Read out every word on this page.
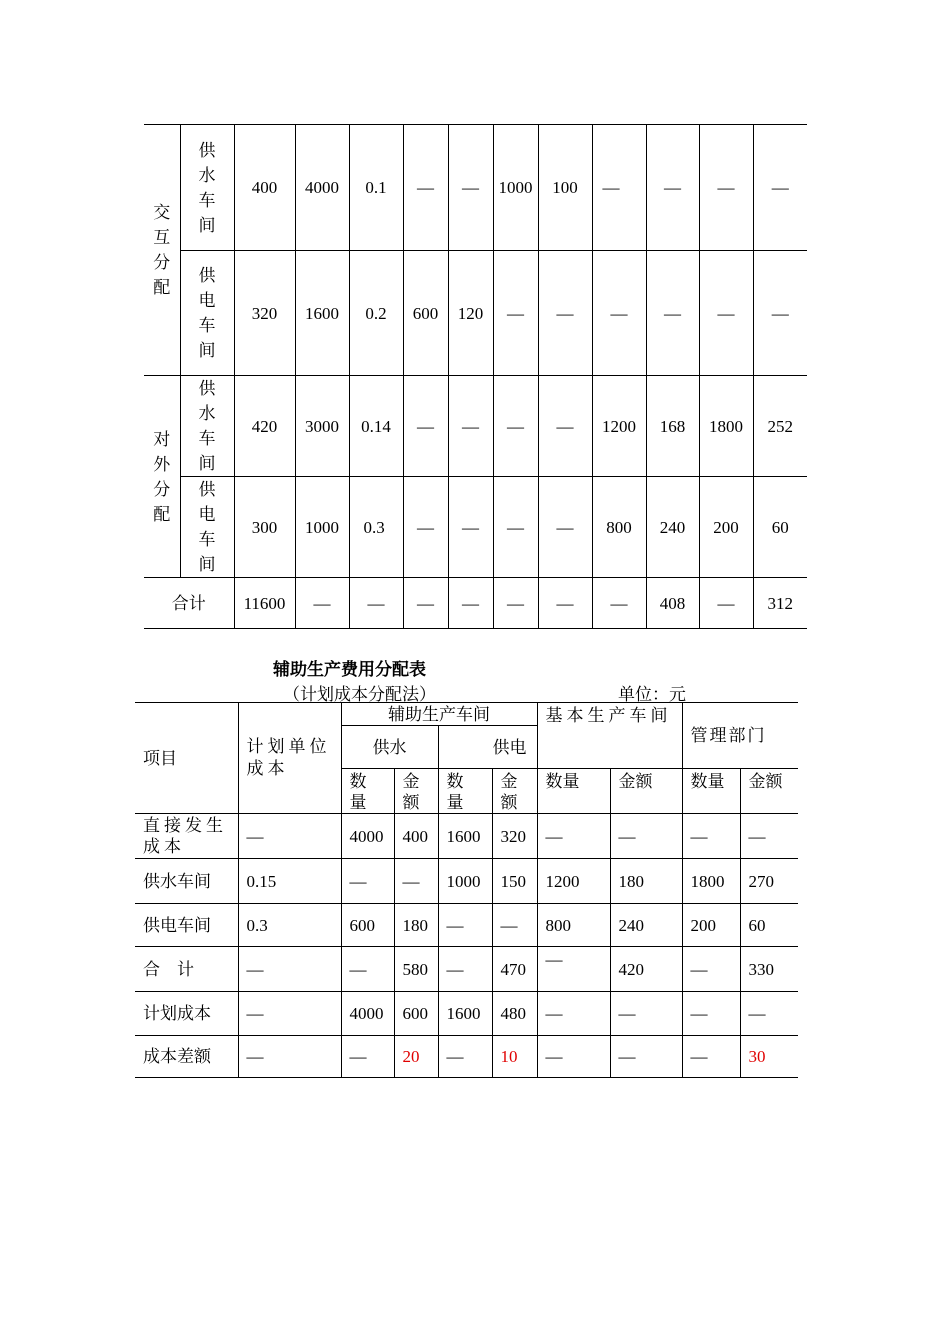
交互分配	供水车间	400	4000	0.1	—	—	1000	100	—	—	—	—
	供电车间	320	1600	0.2	600	120	—	—	—	—	—	—
对外分配	供水车间	420	3000	0.14	—	—	—	—	1200	168	1800	252
	供电车间	300	1000	0.3	—	—	—	—	800	240	200	60
合计		11600	—	—	—	—	—	—	—	408	—	312
辅助生产费用分配表
（计划成本分配法）	单位：元
项目	计划单位成本	辅助生产车间				基本生产车间		管理部门	
		供水		供电					
		数量	金额	数量	金额	数量	金额	数量	金额
直接发生成本	—	4000	400	1600	320	—	—	—	—
供水车间	0.15	—	—	1000	150	1200	180	1800	270
供电车间	0.3	600	180	—	—	800	240	200	60
合　计	—	—	580	—	470	—	420	—	330
计划成本	—	4000	600	1600	480	—	—	—	—
成本差额	—	—	20	—	10	—	—	—	30
